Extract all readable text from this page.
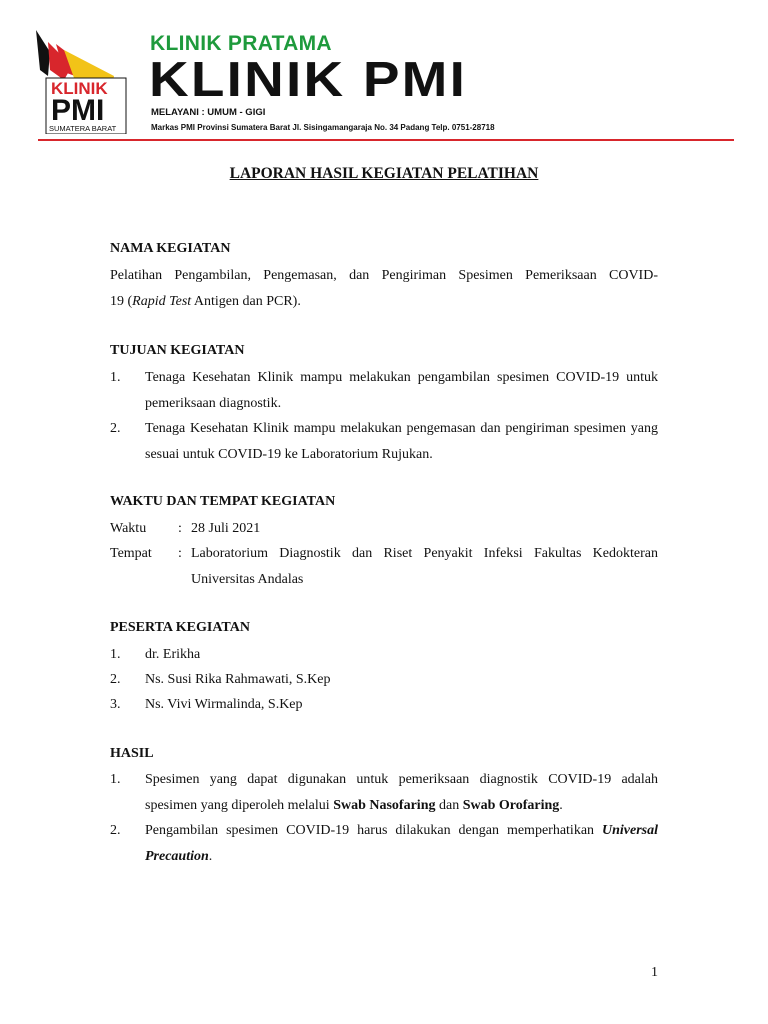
KLINIK
PMI
SUMATERA BARAT
KLINIK PRATAMA
KLINIK PMI
MELAYANI : UMUM - GIGI
Markas PMI Provinsi Sumatera Barat Jl. Sisingamangaraja No. 34 Padang Telp. 0751-28718
LAPORAN HASIL KEGIATAN PELATIHAN
NAMA KEGIATAN
Pelatihan Pengambilan, Pengemasan, dan Pengiriman Spesimen Pemeriksaan COVID-
19 (Rapid Test Antigen dan PCR).
TUJUAN KEGIATAN
1. Tenaga Kesehatan Klinik mampu melakukan pengambilan spesimen COVID-19 untuk pemeriksaan diagnostik.
2. Tenaga Kesehatan Klinik mampu melakukan pengemasan dan pengiriman spesimen yang sesuai untuk COVID-19 ke Laboratorium Rujukan.
WAKTU DAN TEMPAT KEGIATAN
Waktu : 28 Juli 2021
Tempat : Laboratorium Diagnostik dan Riset Penyakit Infeksi Fakultas Kedokteran Universitas Andalas
PESERTA KEGIATAN
1. dr. Erikha
2. Ns. Susi Rika Rahmawati, S.Kep
3. Ns. Vivi Wirmalinda, S.Kep
HASIL
1. Spesimen yang dapat digunakan untuk pemeriksaan diagnostik COVID-19 adalah spesimen yang diperoleh melalui Swab Nasofaring dan Swab Orofaring.
2. Pengambilan spesimen COVID-19 harus dilakukan dengan memperhatikan Universal Precaution.
1
